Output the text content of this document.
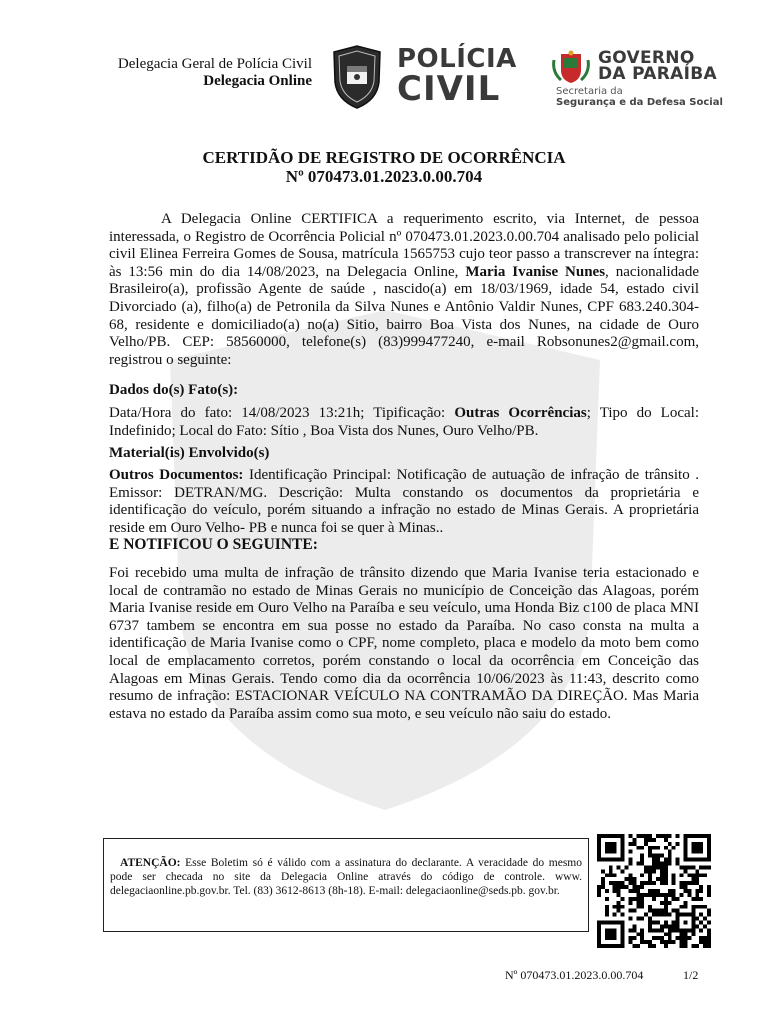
Delegacia Geral de Polícia Civil
Delegacia Online
POLÍCIA
CIVIL
GOVERNO
DA PARAÍBA
Secretaria da
Segurança e da Defesa Social
CERTIDÃO DE REGISTRO DE OCORRÊNCIA
Nº 070473.01.2023.0.00.704
A Delegacia Online CERTIFICA a requerimento escrito, via Internet, de pessoa interessada, o Registro de Ocorrência Policial nº 070473.01.2023.0.00.704 analisado pelo policial civil Elinea Ferreira Gomes de Sousa, matrícula 1565753 cujo teor passo a transcrever na íntegra: às 13:56 min do dia 14/08/2023, na Delegacia Online, Maria Ivanise Nunes, nacionalidade Brasileiro(a), profissão Agente de saúde , nascido(a) em 18/03/1969, idade 54, estado civil Divorciado (a), filho(a) de Petronila da Silva Nunes e Antônio Valdir Nunes, CPF 683.240.304-68, residente e domiciliado(a) no(a) Sitio, bairro Boa Vista dos Nunes, na cidade de Ouro Velho/PB. CEP: 58560000, telefone(s) (83)999477240, e-mail Robsonunes2@gmail.com, registrou o seguinte:
Dados do(s) Fato(s):
Data/Hora do fato: 14/08/2023 13:21h; Tipificação: Outras Ocorrências; Tipo do Local: Indefinido; Local do Fato: Sítio , Boa Vista dos Nunes, Ouro Velho/PB.
Material(is) Envolvido(s)
Outros Documentos: Identificação Principal: Notificação de autuação de infração de trânsito . Emissor: DETRAN/MG. Descrição: Multa constando os documentos da proprietária e identificação do veículo, porém situando a infração no estado de Minas Gerais. A proprietária reside em Ouro Velho- PB e nunca foi se quer à Minas..
E NOTIFICOU O SEGUINTE:
Foi recebido uma multa de infração de trânsito dizendo que Maria Ivanise teria estacionado e local de contramão no estado de Minas Gerais no município de Conceição das Alagoas, porém Maria Ivanise reside em Ouro Velho na Paraíba e seu veículo, uma Honda Biz c100 de placa MNI 6737 tambem se encontra em sua posse no estado da Paraíba. No caso consta na multa a identificação de Maria Ivanise como o CPF, nome completo, placa e modelo da moto bem como local de emplacamento corretos, porém constando o local da ocorrência em Conceição das Alagoas em Minas Gerais. Tendo como dia da ocorrência 10/06/2023 às 11:43, descrito como resumo de infração: ESTACIONAR VEÍCULO NA CONTRAMÃO DA DIREÇÃO. Mas Maria estava no estado da Paraíba assim como sua moto, e seu veículo não saiu do estado.
ATENÇÃO: Esse Boletim só é válido com a assinatura do declarante. A veracidade do mesmo pode ser checada no site da Delegacia Online através do código de controle. www. delegaciaonline.pb.gov.br. Tel. (83) 3612-8613 (8h-18). E-mail: delegaciaonline@seds.pb. gov.br.
Nº 070473.01.2023.0.00.704	1/2
